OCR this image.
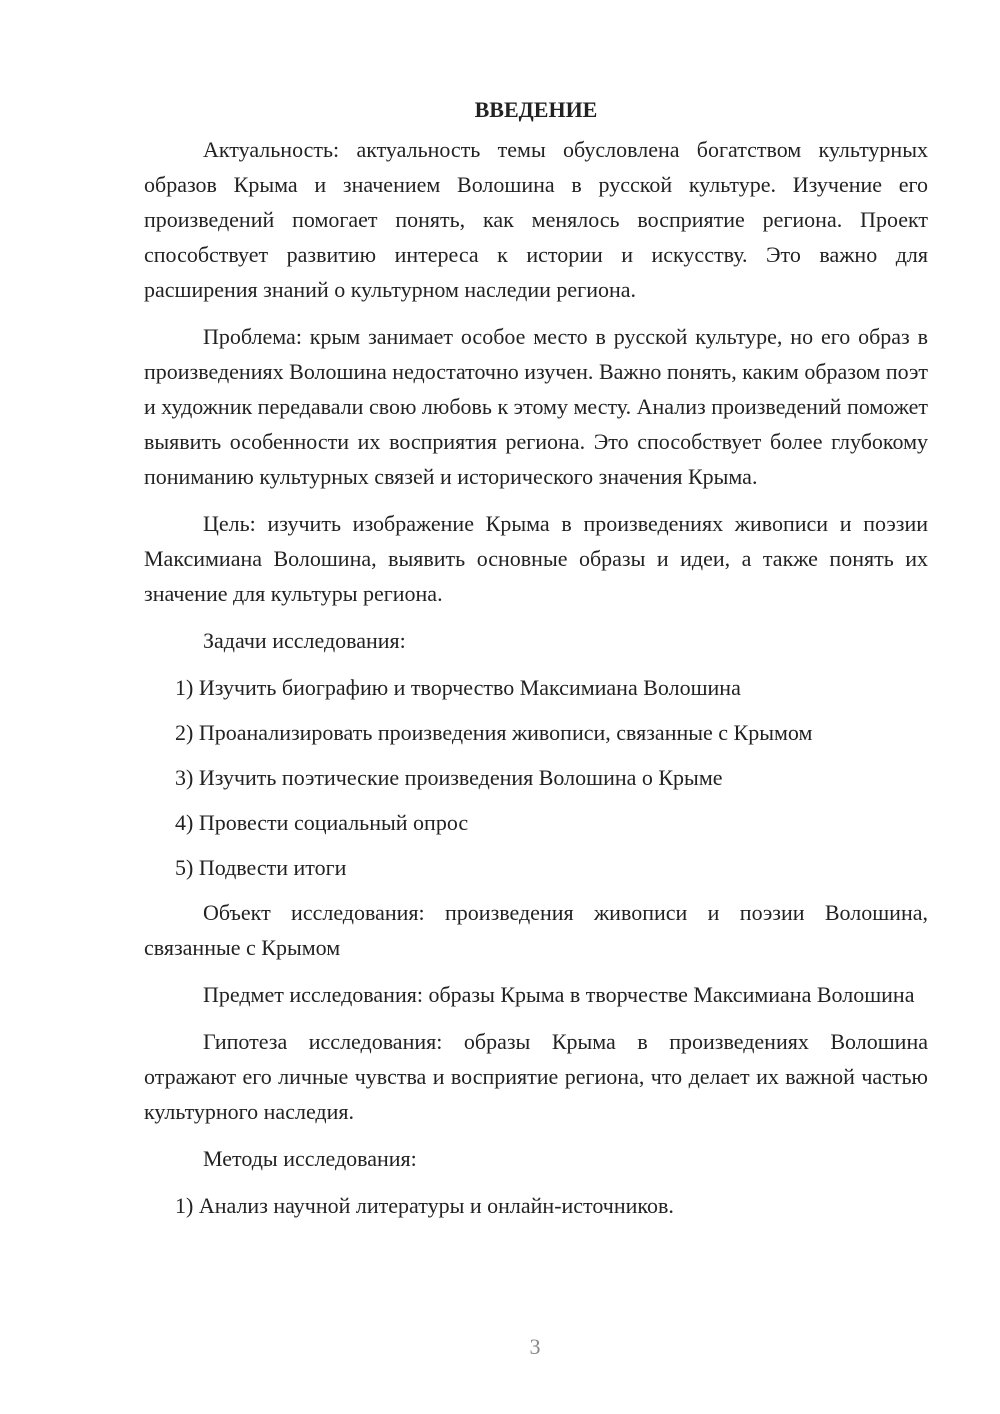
ВВЕДЕНИЕ

Актуальность: актуальность темы обусловлена богатством культурных образов Крыма и значением Волошина в русской культуре. Изучение его произведений помогает понять, как менялось восприятие региона. Проект способствует развитию интереса к истории и искусству. Это важно для расширения знаний о культурном наследии региона.

Проблема: крым занимает особое место в русской культуре, но его образ в произведениях Волошина недостаточно изучен. Важно понять, каким образом поэт и художник передавали свою любовь к этому месту. Анализ произведений поможет выявить особенности их восприятия региона. Это способствует более глубокому пониманию культурных связей и исторического значения Крыма.

Цель: изучить изображение Крыма в произведениях живописи и поэзии Максимиана Волошина, выявить основные образы и идеи, а также понять их значение для культуры региона.

Задачи исследования:

1) Изучить биографию и творчество Максимиана Волошина
2) Проанализировать произведения живописи, связанные с Крымом
3) Изучить поэтические произведения Волошина о Крыме
4) Провести социальный опрос
5) Подвести итоги

Объект исследования: произведения живописи и поэзии Волошина, связанные с Крымом

Предмет исследования: образы Крыма в творчестве Максимиана Волошина

Гипотеза исследования: образы Крыма в произведениях Волошина отражают его личные чувства и восприятие региона, что делает их важной частью культурного наследия.

Методы исследования:

1) Анализ научной литературы и онлайн-источников.
3
